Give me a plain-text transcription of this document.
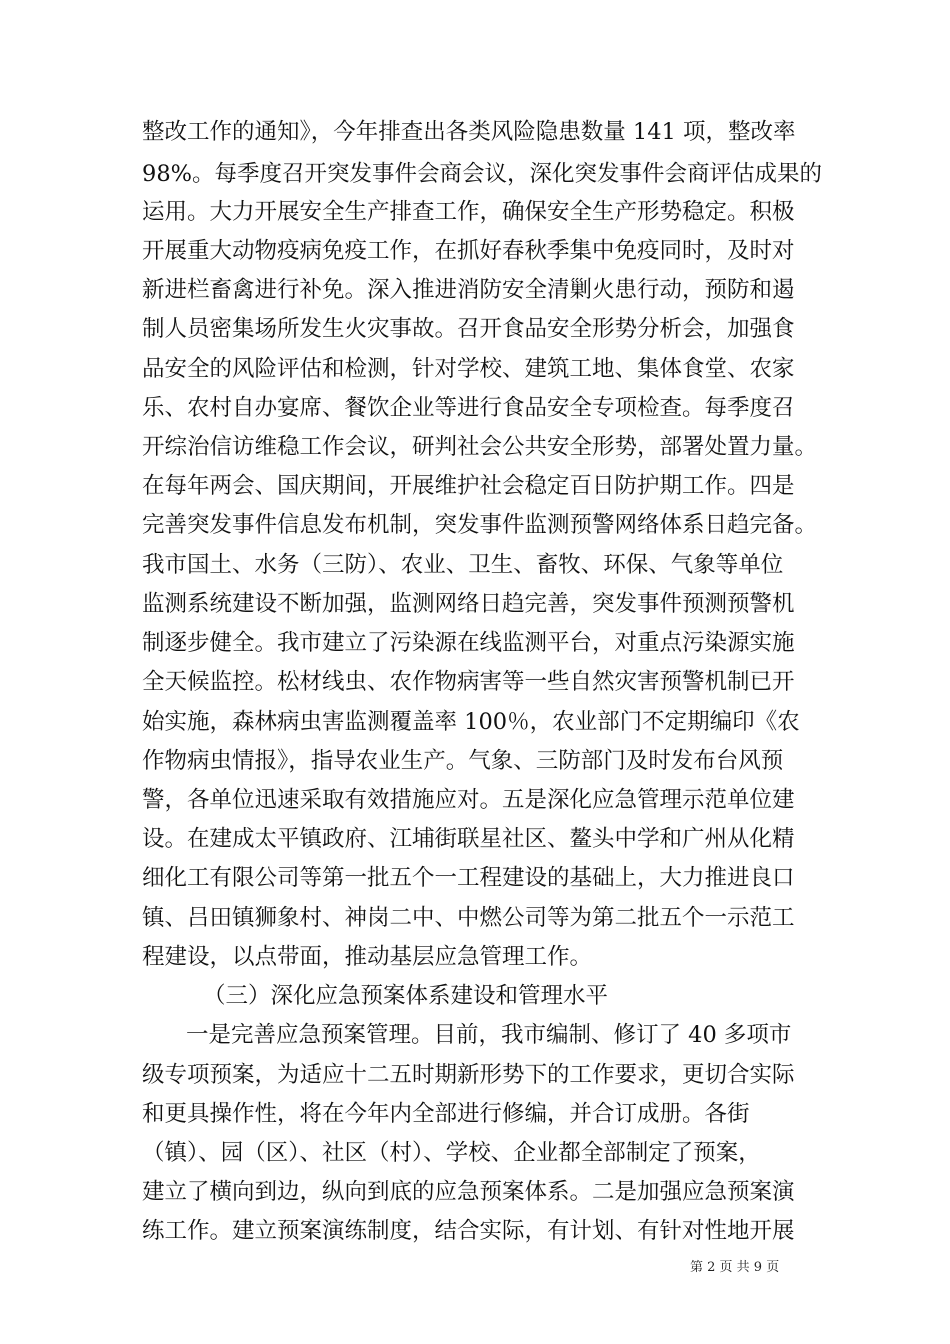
整改工作的通知》，今年排查出各类风险隐患数量 141 项，整改率
98%。每季度召开突发事件会商会议，深化突发事件会商评估成果的
运用。大力开展安全生产排查工作，确保安全生产形势稳定。积极
开展重大动物疫病免疫工作，在抓好春秋季集中免疫同时，及时对
新进栏畜禽进行补免。深入推进消防安全清剿火患行动，预防和遏
制人员密集场所发生火灾事故。召开食品安全形势分析会，加强食
品安全的风险评估和检测，针对学校、建筑工地、集体食堂、农家
乐、农村自办宴席、餐饮企业等进行食品安全专项检查。每季度召
开综治信访维稳工作会议，研判社会公共安全形势，部署处置力量。
在每年两会、国庆期间，开展维护社会稳定百日防护期工作。四是
完善突发事件信息发布机制，突发事件监测预警网络体系日趋完备。
我市国土、水务（三防）、农业、卫生、畜牧、环保、气象等单位
监测系统建设不断加强，监测网络日趋完善，突发事件预测预警机
制逐步健全。我市建立了污染源在线监测平台，对重点污染源实施
全天候监控。松材线虫、农作物病害等一些自然灾害预警机制已开
始实施，森林病虫害监测覆盖率 100％，农业部门不定期编印《农
作物病虫情报》，指导农业生产。气象、三防部门及时发布台风预
警，各单位迅速采取有效措施应对。五是深化应急管理示范单位建
设。在建成太平镇政府、江埔街联星社区、鳌头中学和广州从化精
细化工有限公司等第一批五个一工程建设的基础上，大力推进良口
镇、吕田镇狮象村、神岗二中、中燃公司等为第二批五个一示范工
程建设，以点带面，推动基层应急管理工作。
（三）深化应急预案体系建设和管理水平
一是完善应急预案管理。目前，我市编制、修订了 40 多项市
级专项预案，为适应十二五时期新形势下的工作要求，更切合实际
和更具操作性，将在今年内全部进行修编，并合订成册。各街
（镇）、园（区）、社区（村）、学校、企业都全部制定了预案，
建立了横向到边，纵向到底的应急预案体系。二是加强应急预案演
练工作。建立预案演练制度，结合实际，有计划、有针对性地开展
第 2 页 共 9 页
